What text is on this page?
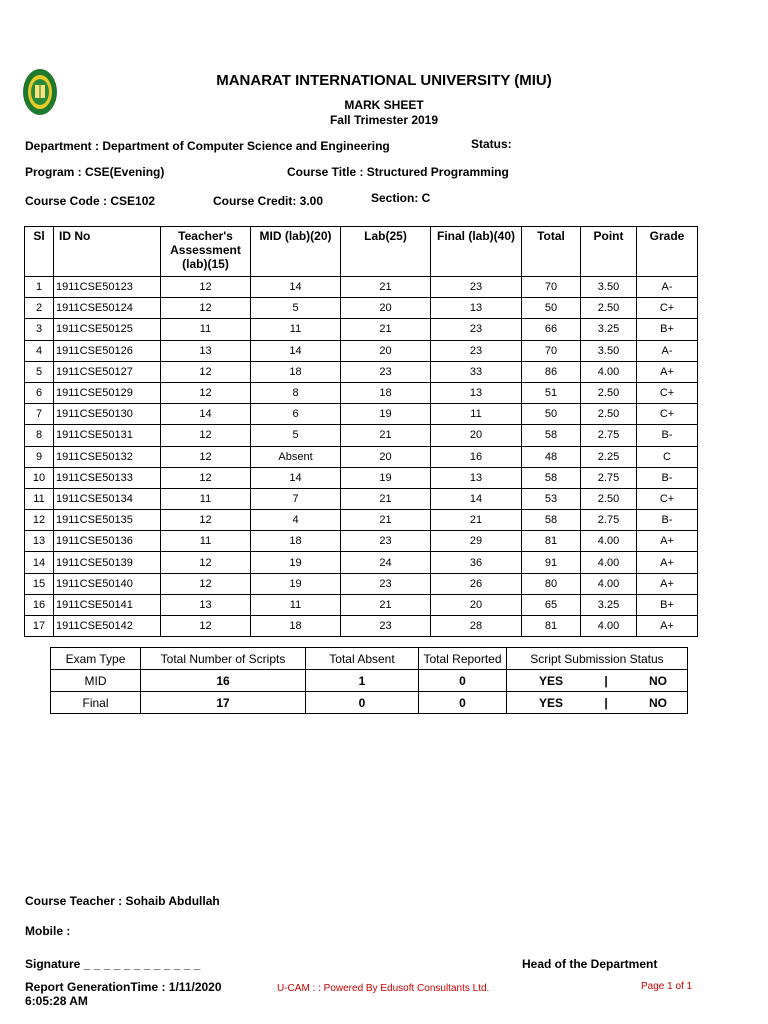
MANARAT INTERNATIONAL UNIVERSITY (MIU)
MARK SHEET
Fall Trimester 2019
Department : Department of Computer Science and Engineering	Status:
Program : CSE(Evening)	Course Title : Structured Programming
Course Code : CSE102	Course Credit: 3.00	Section: C
Sl	ID No	Teacher's Assessment (lab)(15)	MID (lab)(20)	Lab(25)	Final (lab)(40)	Total	Point	Grade
1	1911CSE50123	12	14	21	23	70	3.50	A-
2	1911CSE50124	12	5	20	13	50	2.50	C+
3	1911CSE50125	11	11	21	23	66	3.25	B+
4	1911CSE50126	13	14	20	23	70	3.50	A-
5	1911CSE50127	12	18	23	33	86	4.00	A+
6	1911CSE50129	12	8	18	13	51	2.50	C+
7	1911CSE50130	14	6	19	11	50	2.50	C+
8	1911CSE50131	12	5	21	20	58	2.75	B-
9	1911CSE50132	12	Absent	20	16	48	2.25	C
10	1911CSE50133	12	14	19	13	58	2.75	B-
11	1911CSE50134	11	7	21	14	53	2.50	C+
12	1911CSE50135	12	4	21	21	58	2.75	B-
13	1911CSE50136	11	18	23	29	81	4.00	A+
14	1911CSE50139	12	19	24	36	91	4.00	A+
15	1911CSE50140	12	19	23	26	80	4.00	A+
16	1911CSE50141	13	11	21	20	65	3.25	B+
17	1911CSE50142	12	18	23	28	81	4.00	A+
Exam Type	Total Number of Scripts	Total Absent	Total Reported	Script Submission Status
MID	16	1	0	YES | NO

Final	17	0	0	YES | NO
Course Teacher : Sohaib Abdullah
Mobile :
Signature _ _ _ _ _ _ _ _ _ _ _ _	Head of the Department
Report GenerationTime : 1/11/2020
6:05:28 AM
U-CAM : : Powered By Edusoft Consultants Ltd.	Page 1 of 1
